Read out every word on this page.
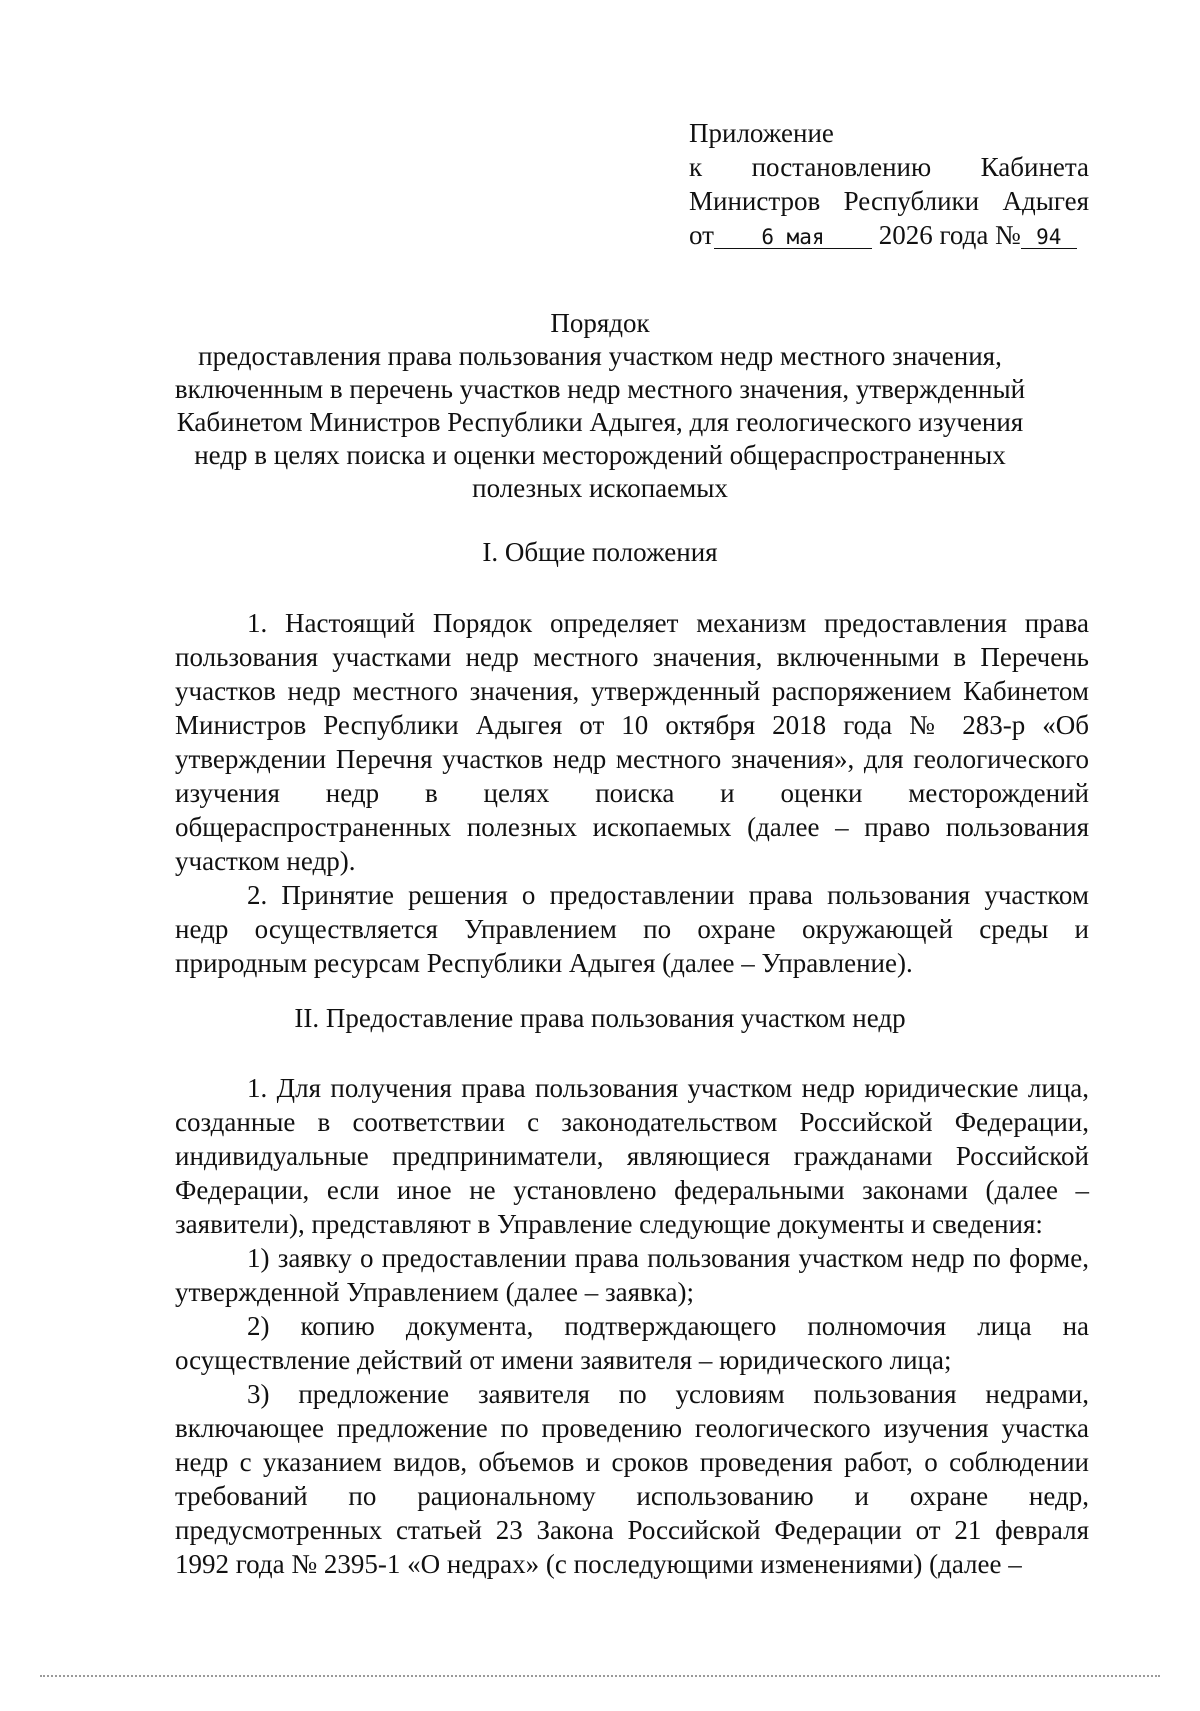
Приложение
к постановлению Кабинета
Министров Республики Адыгея
от 6 мая 2026 года № 94
Порядок
предоставления права пользования участком недр местного значения,
включенным в перечень участков недр местного значения, утвержденный
Кабинетом Министров Республики Адыгея, для геологического изучения
недр в целях поиска и оценки месторождений общераспространенных
полезных ископаемых
I. Общие положения

1. Настоящий Порядок определяет механизм предоставления права пользования участками недр местного значения, включенными в Перечень участков недр местного значения, утвержденный распоряжением Кабинетом Министров Республики Адыгея от 10 октября 2018 года № 283-р «Об утверждении Перечня участков недр местного значения», для геологического изучения недр в целях поиска и оценки месторождений общераспространенных полезных ископаемых (далее – право пользования участком недр).

2. Принятие решения о предоставлении права пользования участком недр осуществляется Управлением по охране окружающей среды и природным ресурсам Республики Адыгея (далее – Управление).

II. Предоставление права пользования участком недр

1. Для получения права пользования участком недр юридические лица, созданные в соответствии с законодательством Российской Федерации, индивидуальные предприниматели, являющиеся гражданами Российской Федерации, если иное не установлено федеральными законами (далее – заявители), представляют в Управление следующие документы и сведения:

1) заявку о предоставлении права пользования участком недр по форме, утвержденной Управлением (далее – заявка);

2) копию документа, подтверждающего полномочия лица на осуществление действий от имени заявителя – юридического лица;

3) предложение заявителя по условиям пользования недрами, включающее предложение по проведению геологического изучения участка недр с указанием видов, объемов и сроков проведения работ, о соблюдении требований по рациональному использованию и охране недр, предусмотренных статьей 23 Закона Российской Федерации от 21 февраля 1992 года № 2395-1 «О недрах» (с последующими изменениями) (далее –
